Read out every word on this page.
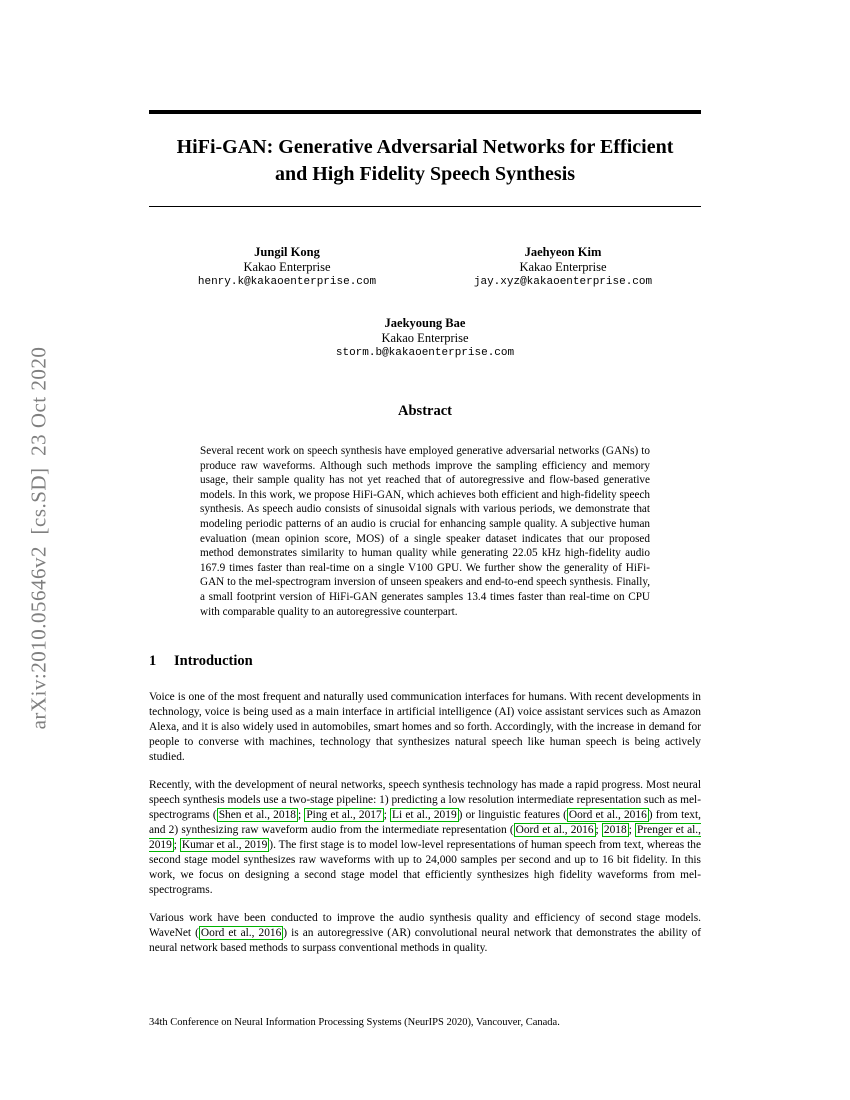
arXiv:2010.05646v2  [cs.SD]  23 Oct 2020
HiFi-GAN: Generative Adversarial Networks for Efficient and High Fidelity Speech Synthesis
Jungil Kong
Kakao Enterprise
henry.k@kakaoenterprise.com
Jaehyeon Kim
Kakao Enterprise
jay.xyz@kakaoenterprise.com
Jaekyoung Bae
Kakao Enterprise
storm.b@kakaoenterprise.com
Abstract

Several recent work on speech synthesis have employed generative adversarial networks (GANs) to produce raw waveforms. Although such methods improve the sampling efficiency and memory usage, their sample quality has not yet reached that of autoregressive and flow-based generative models. In this work, we propose HiFi-GAN, which achieves both efficient and high-fidelity speech synthesis. As speech audio consists of sinusoidal signals with various periods, we demonstrate that modeling periodic patterns of an audio is crucial for enhancing sample quality. A subjective human evaluation (mean opinion score, MOS) of a single speaker dataset indicates that our proposed method demonstrates similarity to human quality while generating 22.05 kHz high-fidelity audio 167.9 times faster than real-time on a single V100 GPU. We further show the generality of HiFi-GAN to the mel-spectrogram inversion of unseen speakers and end-to-end speech synthesis. Finally, a small footprint version of HiFi-GAN generates samples 13.4 times faster than real-time on CPU with comparable quality to an autoregressive counterpart.

1 Introduction

Voice is one of the most frequent and naturally used communication interfaces for humans. With recent developments in technology, voice is being used as a main interface in artificial intelligence (AI) voice assistant services such as Amazon Alexa, and it is also widely used in automobiles, smart homes and so forth. Accordingly, with the increase in demand for people to converse with machines, technology that synthesizes natural speech like human speech is being actively studied.

Recently, with the development of neural networks, speech synthesis technology has made a rapid progress. Most neural speech synthesis models use a two-stage pipeline: 1) predicting a low resolution intermediate representation such as mel-spectrograms ( Shen et al., 2018 ; Ping et al., 2017 ; Li et al., 2019 ) or linguistic features ( Oord et al., 2016 ) from text, and 2) synthesizing raw waveform audio from the intermediate representation ( Oord et al., 2016 ; 2018 ; Prenger et al., 2019 ; Kumar et al., 2019 ). The first stage is to model low-level representations of human speech from text, whereas the second stage model synthesizes raw waveforms with up to 24,000 samples per second and up to 16 bit fidelity. In this work, we focus on designing a second stage model that efficiently synthesizes high fidelity waveforms from mel-spectrograms.

Various work have been conducted to improve the audio synthesis quality and efficiency of second stage models. WaveNet ( Oord et al., 2016 ) is an autoregressive (AR) convolutional neural network that demonstrates the ability of neural network based methods to surpass conventional methods in quality.

34th Conference on Neural Information Processing Systems (NeurIPS 2020), Vancouver, Canada.
